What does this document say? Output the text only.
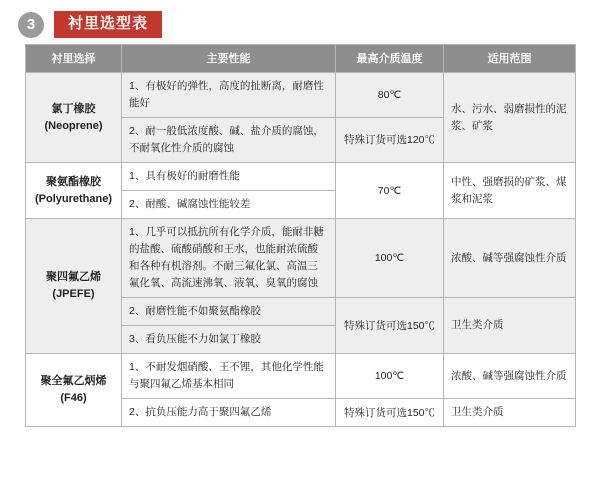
3	衬里选型表
衬里选择	主要性能	最高介质温度	适用范围

氯丁橡胶
(Neoprene)	1、有极好的弹性，高度的扯断离，耐磨性能好	80℃	水、污水、弱磨损性的泥浆、矿浆
	2、耐一般低浓度酸、碱、盐介质的腐蚀，不耐氧化性介质的腐蚀	特殊订货可选120℃	

聚氨酯橡胶
(Polyurethane)	1、具有极好的耐磨性能	70℃	中性、强磨损的矿浆、煤浆和泥浆
	2、耐酸、碱腐蚀性能较差		

聚四氟乙烯
(JPEFE)	1、几乎可以抵抗所有化学介质，能耐非糖的盐酸、硫酸硝酸和王水，也能耐浓硫酸和各种有机溶剂。不耐三氟化氯、高温三氟化氧、高流速沸氧、液氧、臭氧的腐蚀	100℃	浓酸、碱等强腐蚀性介质
	2、耐磨性能不如聚氨酯橡胶	特殊订货可选150℃	卫生类介质
	3、看负压能不力如氯丁橡胶		

聚全氟乙炳烯
(F46)	1、不耐发烟硝酸、王不锂，其他化学性能与聚四氟乙烯基本相同	100℃	浓酸、碱等强腐蚀性介质
	2、抗负压能力高于聚四氟乙烯	特殊订货可选150℃	卫生类介质
